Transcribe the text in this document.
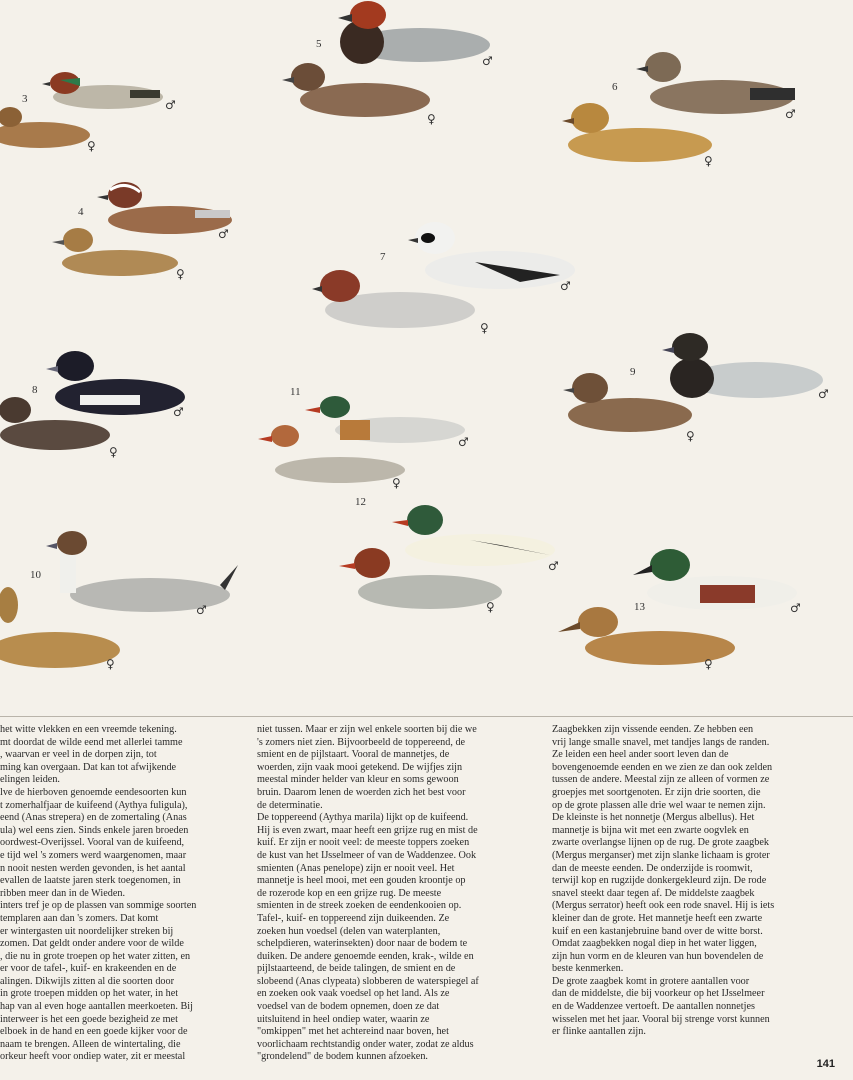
3
4
5
6
7
8
9
10
11
12
13
♂
♀
♂
♀
♂
♀	♂
♀
♂
♀
♂
♀
♂
♀
♂
♀
♂
♀
♂
♀
♂
♀

het witte vlekken en een vreemde tekening.

mt doordat de wilde eend met allerlei tamme

, waarvan er veel in de dorpen zijn, tot

ming kan overgaan. Dat kan tot afwijkende

elingen leiden.

lve de hierboven genoemde eendesoorten kun

t zomerhalfjaar de kuifeend (Aythya fuligula),

eend (Anas strepera) en de zomertaling (Anas

ula) wel eens zien. Sinds enkele jaren broeden

oordwest-Overijssel. Vooral van de kuifeend,

e tijd wel 's zomers werd waargenomen, maar

n nooit nesten werden gevonden, is het aantal

evallen de laatste jaren sterk toegenomen, in

ribben meer dan in de Wieden.

inters tref je op de plassen van sommige soorten

templaren aan dan 's zomers. Dat komt

er wintergasten uit noordelijker streken bij

zomen. Dat geldt onder andere voor de wilde

, die nu in grote troepen op het water zitten, en

er voor de tafel-, kuif- en krakeenden en de

alingen. Dikwijls zitten al die soorten door

in grote troepen midden op het water, in het

hap van al even hoge aantallen meerkoeten. Bij

interweer is het een goede bezigheid ze met

elboek in de hand en een goede kijker voor de

naam te brengen. Alleen de wintertaling, die

orkeur heeft voor ondiep water, zit er meestal

niet tussen. Maar er zijn wel enkele soorten bij die we

's zomers niet zien. Bijvoorbeeld de toppereend, de

smient en de pijlstaart. Vooral de mannetjes, de

woerden, zijn vaak mooi getekend. De wijfjes zijn

meestal minder helder van kleur en soms gewoon

bruin. Daarom lenen de woerden zich het best voor

de determinatie.

De toppereend (Aythya marila) lijkt op de kuifeend.

Hij is even zwart, maar heeft een grijze rug en mist de

kuif. Er zijn er nooit veel: de meeste toppers zoeken

de kust van het IJsselmeer of van de Waddenzee. Ook

smienten (Anas penelope) zijn er nooit veel. Het

mannetje is heel mooi, met een gouden kroontje op

de rozerode kop en een grijze rug. De meeste

smienten in de streek zoeken de eendenkooien op.

Tafel-, kuif- en toppereend zijn duikeenden. Ze

zoeken hun voedsel (delen van waterplanten,

schelpdieren, waterinsekten) door naar de bodem te

duiken. De andere genoemde eenden, krak-, wilde en

pijlstaarteend, de beide talingen, de smient en de

slobeend (Anas clypeata) slobberen de waterspiegel af

en zoeken ook vaak voedsel op het land. Als ze

voedsel van de bodem opnemen, doen ze dat

uitsluitend in heel ondiep water, waarin ze

"omkippen" met het achtereind naar boven, het

voorlichaam rechtstandig onder water, zodat ze aldus

"grondelend" de bodem kunnen afzoeken.

Zaagbekken zijn vissende eenden. Ze hebben een

vrij lange smalle snavel, met tandjes langs de randen.

Ze leiden een heel ander soort leven dan de

bovengenoemde eenden en we zien ze dan ook zelden

tussen de andere. Meestal zijn ze alleen of vormen ze

groepjes met soortgenoten. Er zijn drie soorten, die

op de grote plassen alle drie wel waar te nemen zijn.

De kleinste is het nonnetje (Mergus albellus). Het

mannetje is bijna wit met een zwarte oogvlek en

zwarte overlangse lijnen op de rug. De grote zaagbek

(Mergus merganser) met zijn slanke lichaam is groter

dan de meeste eenden. De onderzijde is roomwit,

terwijl kop en rugzijde donkergekleurd zijn. De rode

snavel steekt daar tegen af. De middelste zaagbek

(Mergus serrator) heeft ook een rode snavel. Hij is iets

kleiner dan de grote. Het mannetje heeft een zwarte

kuif en een kastanjebruine band over de witte borst.

Omdat zaagbekken nogal diep in het water liggen,

zijn hun vorm en de kleuren van hun bovendelen de

beste kenmerken.

De grote zaagbek komt in grotere aantallen voor

dan de middelste, die bij voorkeur op het IJsselmeer

en de Waddenzee vertoeft. De aantallen nonnetjes

wisselen met het jaar. Vooral bij strenge vorst kunnen

er flinke aantallen zijn.

141
